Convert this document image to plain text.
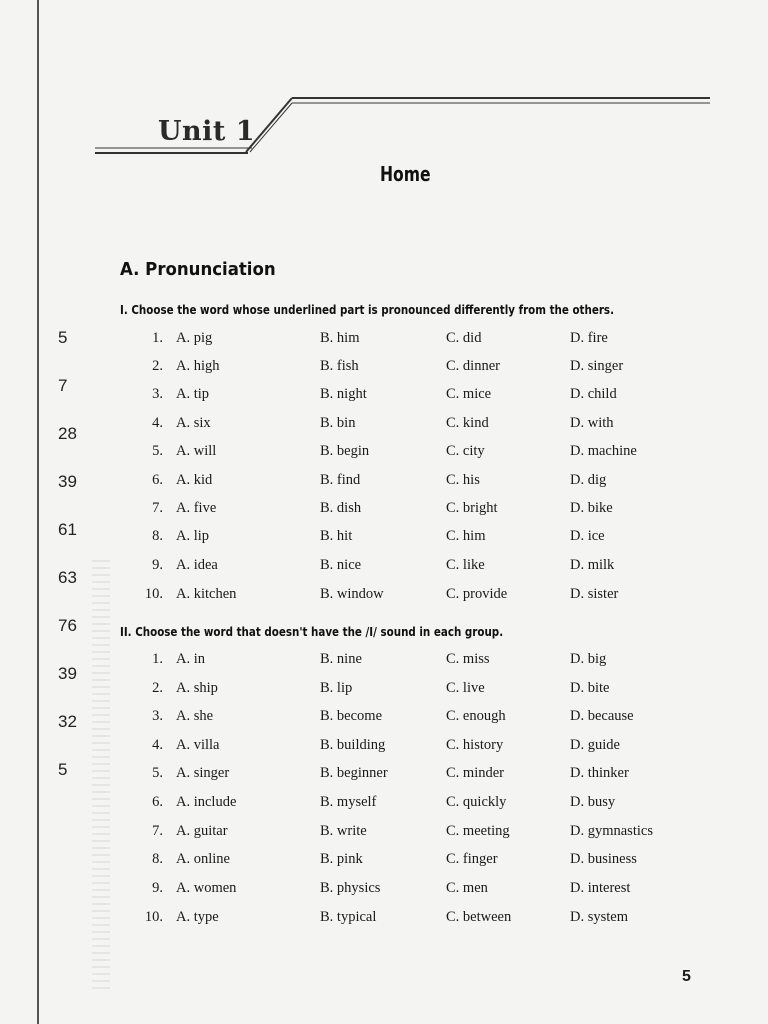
5
7
28
39
61
63
76
39
32
5
Unit 1
Home
A. Pronunciation
I. Choose the word whose underlined part is pronounced differently from the others.
1. A. pig	B. him	C. did	D. fire
2. A. high	B. fish	C. dinner	D. singer
3. A. tip	B. night	C. mice	D. child
4. A. six	B. bin	C. kind	D. with
5. A. will	B. begin	C. city	D. machine
6. A. kid	B. find	C. his	D. dig
7. A. five	B. dish	C. bright	D. bike
8. A. lip	B. hit	C. him	D. ice
9. A. idea	B. nice	C. like	D. milk
10. A. kitchen	B. window	C. provide	D. sister
II. Choose the word that doesn't have the /I/ sound in each group.
1. A. in	B. nine	C. miss	D. big
2. A. ship	B. lip	C. live	D. bite
3. A. she	B. become	C. enough	D. because
4. A. villa	B. building	C. history	D. guide
5. A. singer	B. beginner	C. minder	D. thinker
6. A. include	B. myself	C. quickly	D. busy
7. A. guitar	B. write	C. meeting	D. gymnastics
8. A. online	B. pink	C. finger	D. business
9. A. women	B. physics	C. men	D. interest
10. A. type	B. typical	C. between	D. system
5
